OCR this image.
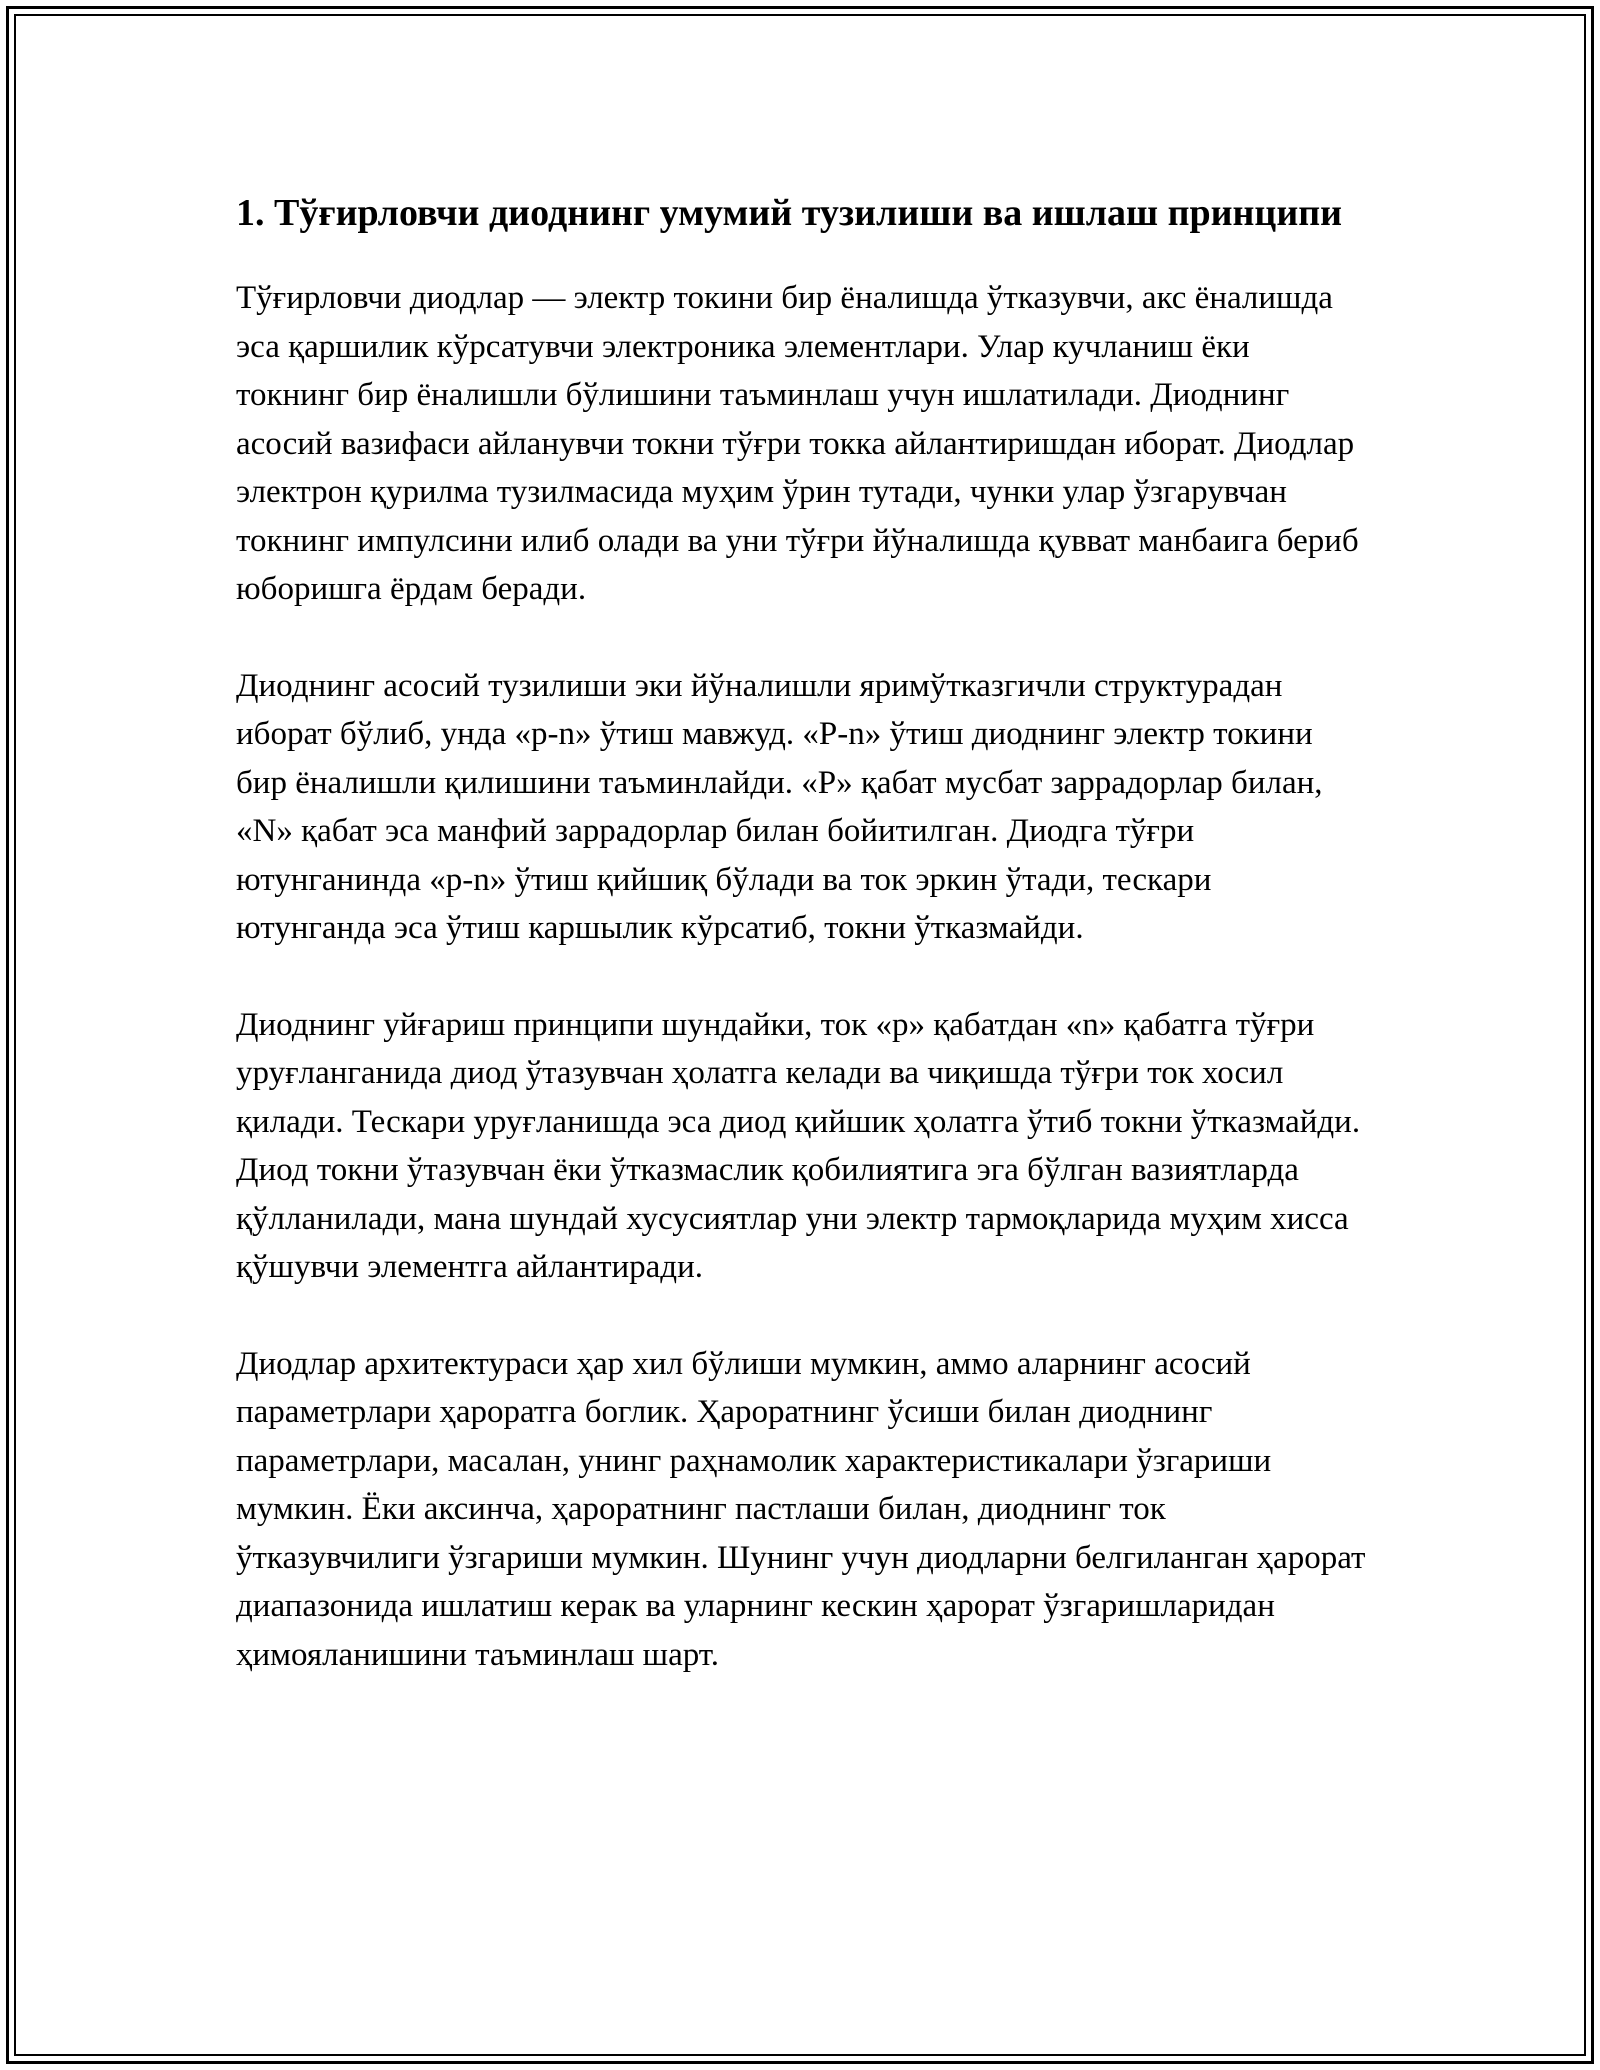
1. Тўғирловчи диоднинг умумий тузилиши ва ишлаш принципи

Тўғирловчи диодлар — электр токини бир ёналишда ўтказувчи, акс ёналишда эса қаршилик кўрсатувчи электроника элементлари. Улар кучланиш ёки токнинг бир ёналишли бўлишини таъминлаш учун ишлатилади. Диоднинг асосий вазифаси айланувчи токни тўғри токка айлантиришдан иборат. Диодлар электрон қурилма тузилмасида муҳим ўрин тутади, чунки улар ўзгарувчан токнинг импулсини илиб олади ва уни тўғри йўналишда қувват манбаига бериб юборишга ёрдам беради.

Диоднинг асосий тузилиши эки йўналишли яримўтказгичли структурадан иборат бўлиб, унда «p-n» ўтиш мавжуд. «P-n» ўтиш диоднинг электр токини бир ёналишли қилишини таъминлайди. «P» қабат мусбат заррадорлар билан, «N» қабат эса манфий заррадорлар билан бойитилган. Диодга тўғри ютунганинда «p-n» ўтиш қийшиқ бўлади ва ток эркин ўтади, тескари ютунганда эса ўтиш каршылик кўрсатиб, токни ўтказмайди.

Диоднинг уйғариш принципи шундайки, ток «p» қабатдан «n» қабатга тўғри уруғланганида диод ўтазувчан ҳолатга келади ва чиқишда тўғри ток хосил қилади. Тескари уруғланишда эса диод қийшик ҳолатга ўтиб токни ўтказмайди. Диод токни ўтазувчан ёки ўтказмаслик қобилиятига эга бўлган вазиятларда қўлланилади, мана шундай хусусиятлар уни электр тармоқларида муҳим хисса қўшувчи элементга айлантиради.

Диодлар архитектураси ҳар хил бўлиши мумкин, аммо аларнинг асосий параметрлари ҳароратга боглик. Ҳароратнинг ўсиши билан диоднинг параметрлари, масалан, унинг раҳнамолик характеристикалари ўзгариши мумкин. Ёки аксинча, ҳароратнинг пастлаши билан, диоднинг ток ўтказувчилиги ўзгариши мумкин. Шунинг учун диодларни белгиланган ҳарорат диапазонида ишлатиш керак ва уларнинг кескин ҳарорат ўзгаришларидан ҳимояланишини таъминлаш шарт.
